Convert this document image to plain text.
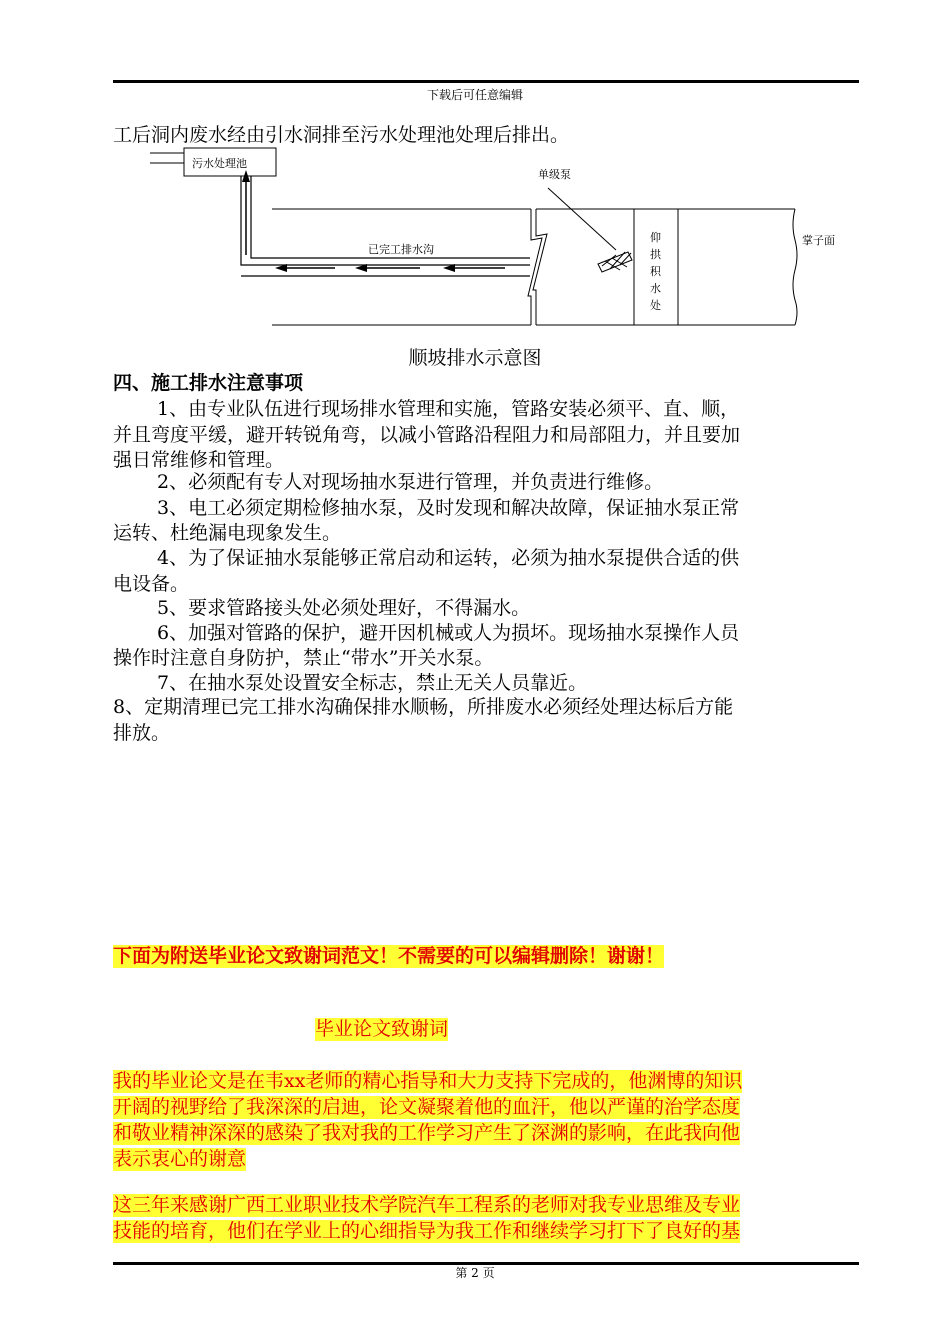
下载后可任意编辑
工后洞内废水经由引水洞排至污水处理池处理后排出。
污水处理池
已完工排水沟
单级泵
仰
拱
积
水
处
掌子面
顺坡排水示意图
四、施工排水注意事项
1、由专业队伍进行现场排水管理和实施，管路安装必须平、直、顺，
并且弯度平缓，避开转锐角弯，以减小管路沿程阻力和局部阻力，并且要加
强日常维修和管理。
2、必须配有专人对现场抽水泵进行管理，并负责进行维修。
3、电工必须定期检修抽水泵，及时发现和解决故障，保证抽水泵正常
运转、杜绝漏电现象发生。
4、为了保证抽水泵能够正常启动和运转，必须为抽水泵提供合适的供
电设备。
5、要求管路接头处必须处理好，不得漏水。
6、加强对管路的保护，避开因机械或人为损坏。现场抽水泵操作人员
操作时注意自身防护，禁止“带水”开关水泵。
7、在抽水泵处设置安全标志，禁止无关人员靠近。
8、定期清理已完工排水沟确保排水顺畅，所排废水必须经处理达标后方能
排放。
下面为附送毕业论文致谢词范文！不需要的可以编辑删除！谢谢！
毕业论文致谢词
我的毕业论文是在韦xx老师的精心指导和大力支持下完成的，他渊博的知识
开阔的视野给了我深深的启迪，论文凝聚着他的血汗，他以严谨的治学态度
和敬业精神深深的感染了我对我的工作学习产生了深渊的影响，在此我向他
表示衷心的谢意
这三年来感谢广西工业职业技术学院汽车工程系的老师对我专业思维及专业
技能的培育，他们在学业上的心细指导为我工作和继续学习打下了良好的基
第 2 页
